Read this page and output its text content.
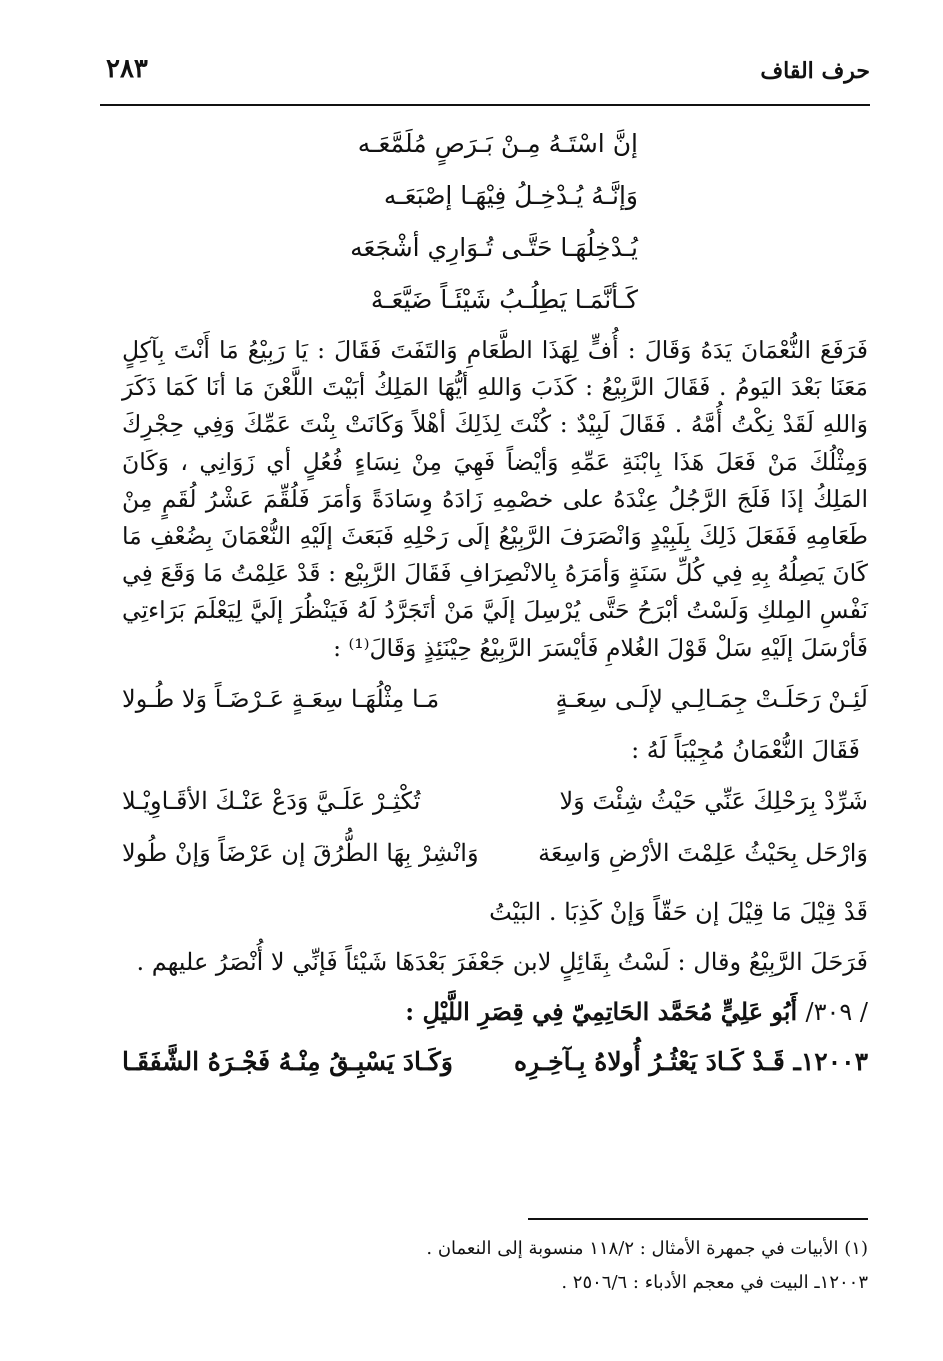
حرف القاف
٢٨٣
إنَّ اسْتَـهُ مِـنْ بَـرَصٍ مُلَمَّعَـه
وَإنَّـهُ يُـدْخِـلُ فِيْهَـا إصْبَعَـه
يُـدْخِلُهَـا حَتَّـى تُـوَارِي أشْجَعَه
كَـأنَّمَـا يَطِلُـبُ شَيْئَـاً ضَيَّعَـهْ

فَرَفَعَ النُّعْمَانَ يَدَهُ وَقَالَ : أُفٍّ لِهَذَا الطَّعَامِ وَالتَفَتَ فَقَالَ : يَا رَبِيْعُ مَا أَنْتَ بِآكِلٍ مَعَنَا بَعْدَ اليَومُ . فَقَالَ الرَّبِيْعُ : كَذَبَ وَاللهِ أيُّهَا المَلِكُ أبَيْتَ اللَّعْنَ مَا أنَا كَمَا ذَكَرَ وَاللهِ لَقَدْ نِكْتُ أُمَّهُ . فَقَالَ لَبِيْدٌ : كُنْتَ لِذَلِكَ أهْلاً وَكَانَتْ بِنْتَ عَمِّكَ وَفِي حِجْرِكَ وَمِثْلُكَ مَنْ فَعَلَ هَذَا بِابْنَةِ عَمِّهِ وَأيْضاً فَهِيَ مِنْ نِسَاءٍ فُعُلٍ أي زَوَانِي ، وَكَانَ المَلِكُ إذَا فَلَجَ الرَّجُلُ عِنْدَهُ على خصْمِهِ زَادَهُ وِسَادَةً وَأمَرَ فَلُقِّمَ عَشْرُ لُقَمٍ مِنْ طَعَامِهِ فَفَعَلَ ذَلِكَ بِلَبِيْدٍ وَانْصَرَفَ الرَّبِيْعُ إلَى رَحْلِهِ فَبَعَثَ إلَيْهِ النُّعْمَانَ بِضُعْفِ مَا كَانَ يَصِلُهُ بِهِ فِي كُلِّ سَنَةٍ وَأمَرَهُ بِالانْصِرَافِ فَقَالَ الرَّبِيْع : قَدْ عَلِمْتُ مَا وَقَعَ فِي نَفْسِ المِلكِ وَلَسْتُ أبْرَحُ حَتَّى يُرْسِلَ إلَيَّ مَنْ أتَجَرَّدُ لَهُ فَيَنْظُرَ إلَيَّ لِيَعْلَمَ بَرَاءتِي فَأرْسَلَ إلَيْهِ سَلْ قَوْلَ الغُلامِ فَأيْسَرَ الرَّبِيْعُ حِيْنَئِذٍ وَقَالَ⁽¹⁾ :

لَئِـنْ رَحَلَـتْ جِمَـالِـي لإلَـى سِعَـةٍ
مَـا مِثْلُهَـا سِعَـةٍ عَـرْضَـاً وَلا طُـولا
فَقَالَ النُّعْمَانُ مُجِيْبَاً لَهُ :
شَرِّدْ بِرَحْلِكَ عَنِّي حَيْثُ شِئْتَ وَلا
تُكْثِـرْ عَلَـيَّ وَدَعْ عَنْـكَ الأقَـاوِيْـلا
وَارْحَل بِحَيْثُ عَلِمْتَ الأرْضِ وَاسِعَة
وَانْشِرْ بِهَا الطُّرُقَ إن عَرْضَاً وَإنْ طُولا
قَدْ قِيْلَ مَا قِيْلَ إن حَقّاً وَإنْ كَذِبَا . البَيْتُ
فَرَحَلَ الرَّبِيْعُ وقال : لَسْتُ بِقَائِلٍ لابن جَعْفَرَ بَعْدَهَا شَيْئاً فَإنِّي لا أُنْصَرُ عليهم .
/ ٣٠٩/ أَبُو عَلِيٍّ مُحَمَّد الحَاتِمِيّ فِي قِصَرِ اللَّيْلِ :
١٢٠٠٣ـ قَـدْ كَـادَ يَعْثُـرُ أُولاهُ بِـآخِـرِه
وَكَـادَ يَسْبِـقُ مِنْـهُ فَجْـرَهُ الشَّفَقَـا
(١) الأبيات في جمهرة الأمثال : ١١٨/٢ منسوبة إلى النعمان .
١٢٠٠٣ـ البيت في معجم الأدباء : ٢٥٠٦/٦ .
